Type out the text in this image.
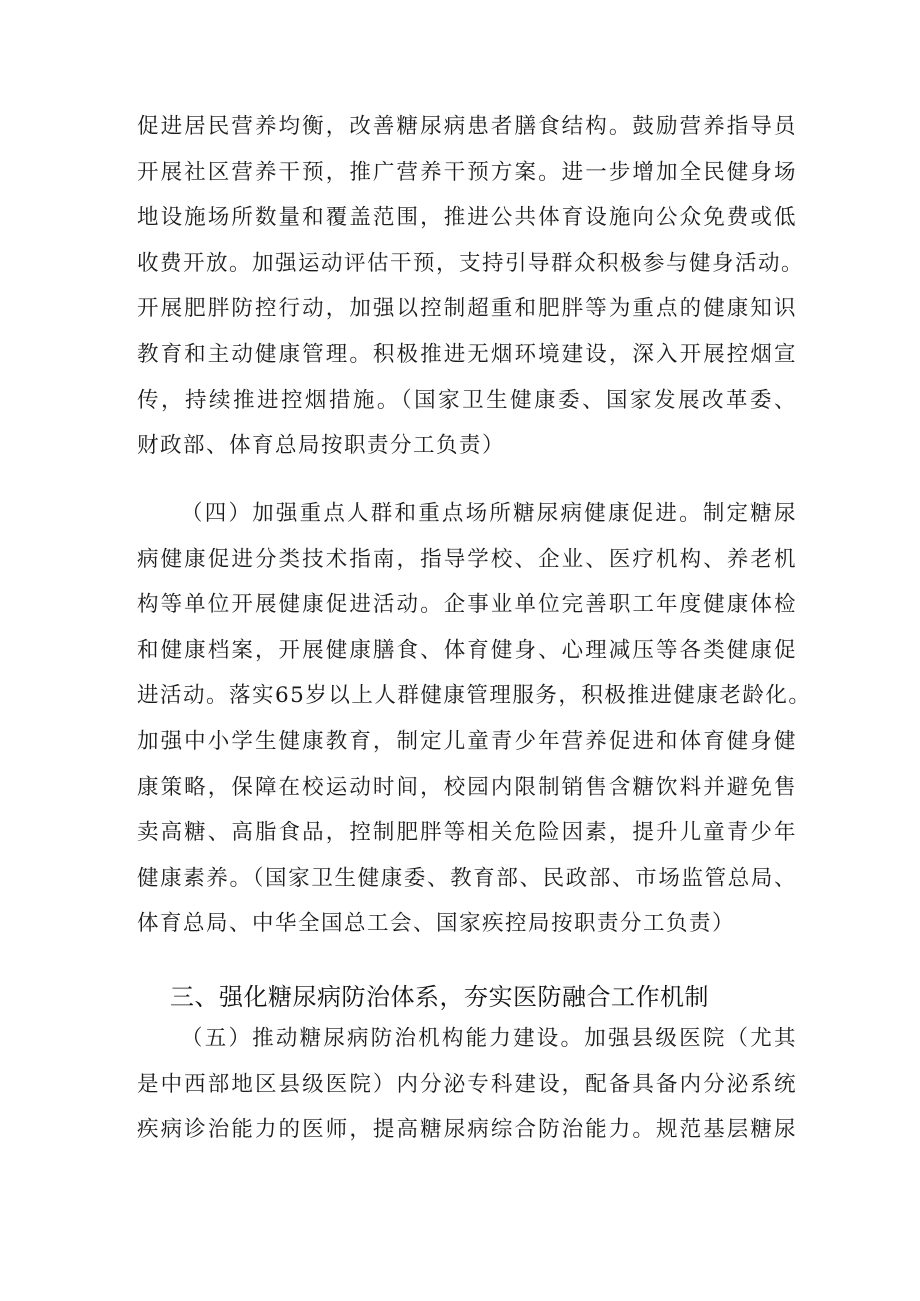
促进居民营养均衡，改善糖尿病患者膳食结构。鼓励营养指导员
开展社区营养干预，推广营养干预方案。进一步增加全民健身场
地设施场所数量和覆盖范围，推进公共体育设施向公众免费或低
收费开放。加强运动评估干预，支持引导群众积极参与健身活动。
开展肥胖防控行动，加强以控制超重和肥胖等为重点的健康知识
教育和主动健康管理。积极推进无烟环境建设，深入开展控烟宣
传，持续推进控烟措施。（国家卫生健康委、国家发展改革委、
财政部、体育总局按职责分工负责）
（四）加强重点人群和重点场所糖尿病健康促进。制定糖尿
病健康促进分类技术指南，指导学校、企业、医疗机构、养老机
构等单位开展健康促进活动。企事业单位完善职工年度健康体检
和健康档案，开展健康膳食、体育健身、心理减压等各类健康促
进活动。落实65岁以上人群健康管理服务，积极推进健康老龄化。
加强中小学生健康教育，制定儿童青少年营养促进和体育健身健
康策略，保障在校运动时间，校园内限制销售含糖饮料并避免售
卖高糖、高脂食品，控制肥胖等相关危险因素，提升儿童青少年
健康素养。（国家卫生健康委、教育部、民政部、市场监管总局、
体育总局、中华全国总工会、国家疾控局按职责分工负责）
三、强化糖尿病防治体系，夯实医防融合工作机制
（五）推动糖尿病防治机构能力建设。加强县级医院（尤其
是中西部地区县级医院）内分泌专科建设，配备具备内分泌系统
疾病诊治能力的医师，提高糖尿病综合防治能力。规范基层糖尿
